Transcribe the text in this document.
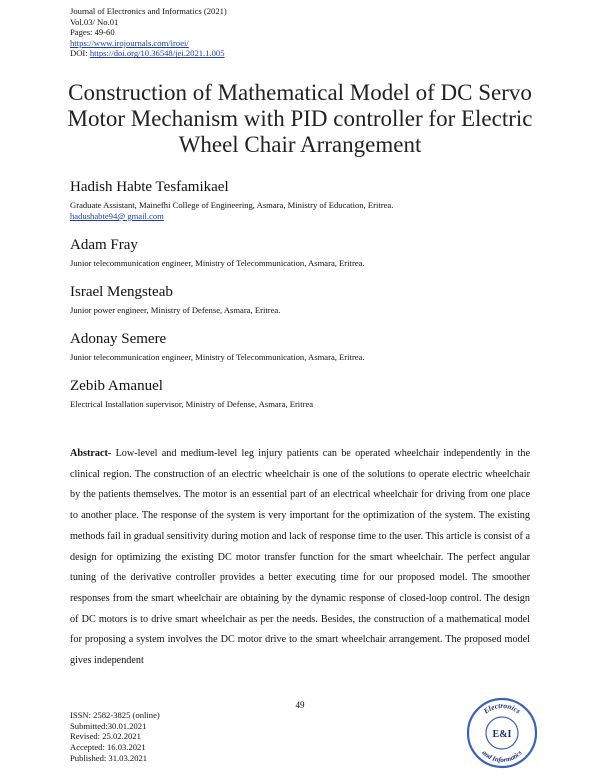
Journal of Electronics and Informatics (2021)
Vol.03/ No.01
Pages: 49-60
https://www.irojournals.com/iroei/
DOI: https://doi.org/10.36548/jei.2021.1.005
Construction of Mathematical Model of DC Servo Motor Mechanism with PID controller for Electric Wheel Chair Arrangement
Hadish Habte Tesfamikael
Graduate Assistant, Mainefhi College of Engineering, Asmara, Ministry of Education, Eritrea.
hadushabte94@ gmail.com
Adam Fray
Junior telecommunication engineer, Ministry of Telecommunication, Asmara, Eritrea.
Israel Mengsteab
Junior power engineer, Ministry of Defense, Asmara, Eritrea.
Adonay Semere
Junior telecommunication engineer, Ministry of Telecommunication, Asmara, Eritrea.
Zebib Amanuel
Electrical Installation supervisor, Ministry of Defense, Asmara, Eritrea
Abstract- Low-level and medium-level leg injury patients can be operated wheelchair independently in the clinical region. The construction of an electric wheelchair is one of the solutions to operate electric wheelchair by the patients themselves. The motor is an essential part of an electrical wheelchair for driving from one place to another place. The response of the system is very important for the optimization of the system. The existing methods fail in gradual sensitivity during motion and lack of response time to the user. This article is consist of a design for optimizing the existing DC motor transfer function for the smart wheelchair. The perfect angular tuning of the derivative controller provides a better executing time for our proposed model. The smoother responses from the smart wheelchair are obtaining by the dynamic response of closed-loop control. The design of DC motors is to drive smart wheelchair as per the needs. Besides, the construction of a mathematical model for proposing a system involves the DC motor drive to the smart wheelchair arrangement. The proposed model gives independent
49
ISSN: 2582-3825 (online)
Submitted:30.01.2021
Revised: 25.02.2021
Accepted: 16.03.2021
Published: 31.03.2021
Electronics
E&I
and Informatics
